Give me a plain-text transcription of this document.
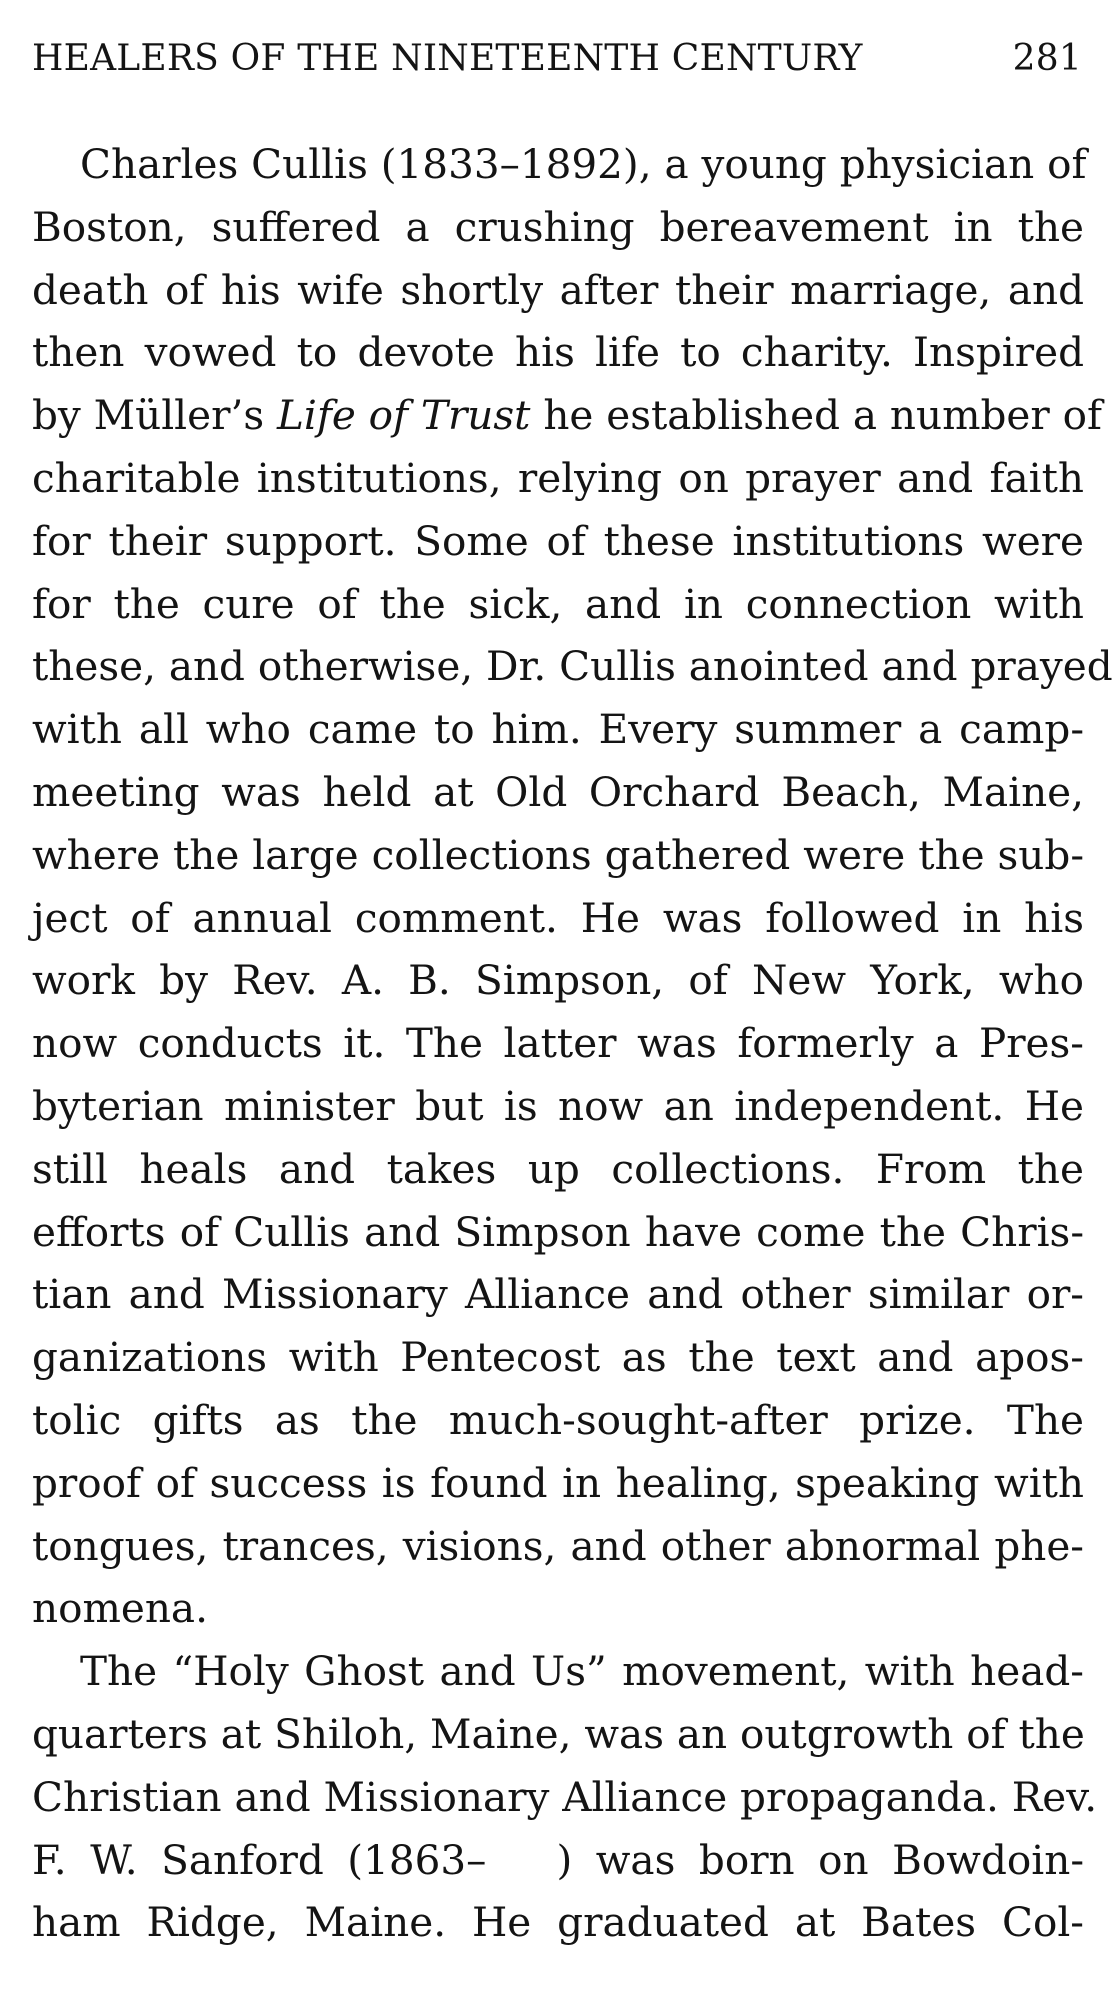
HEALERS OF THE NINETEENTH CENTURY	281
Charles Cullis (1833–1892), a young physician of
Boston, suffered a crushing bereavement in the
death of his wife shortly after their marriage, and
then vowed to devote his life to charity. Inspired
by Müller’s Life of Trust he established a number of
charitable institutions, relying on prayer and faith
for their support. Some of these institutions were
for the cure of the sick, and in connection with
these, and otherwise, Dr. Cullis anointed and prayed
with all who came to him. Every summer a camp-
meeting was held at Old Orchard Beach, Maine,
where the large collections gathered were the sub-
ject of annual comment. He was followed in his
work by Rev. A. B. Simpson, of New York, who
now conducts it. The latter was formerly a Pres-
byterian minister but is now an independent. He
still heals and takes up collections. From the
efforts of Cullis and Simpson have come the Chris-
tian and Missionary Alliance and other similar or-
ganizations with Pentecost as the text and apos-
tolic gifts as the much-sought-after prize. The
proof of success is found in healing, speaking with
tongues, trances, visions, and other abnormal phe-
nomena.
The “Holy Ghost and Us” movement, with head-
quarters at Shiloh, Maine, was an outgrowth of the
Christian and Missionary Alliance propaganda. Rev.
F. W. Sanford (1863– ) was born on Bowdoin-
ham Ridge, Maine. He graduated at Bates Col-
